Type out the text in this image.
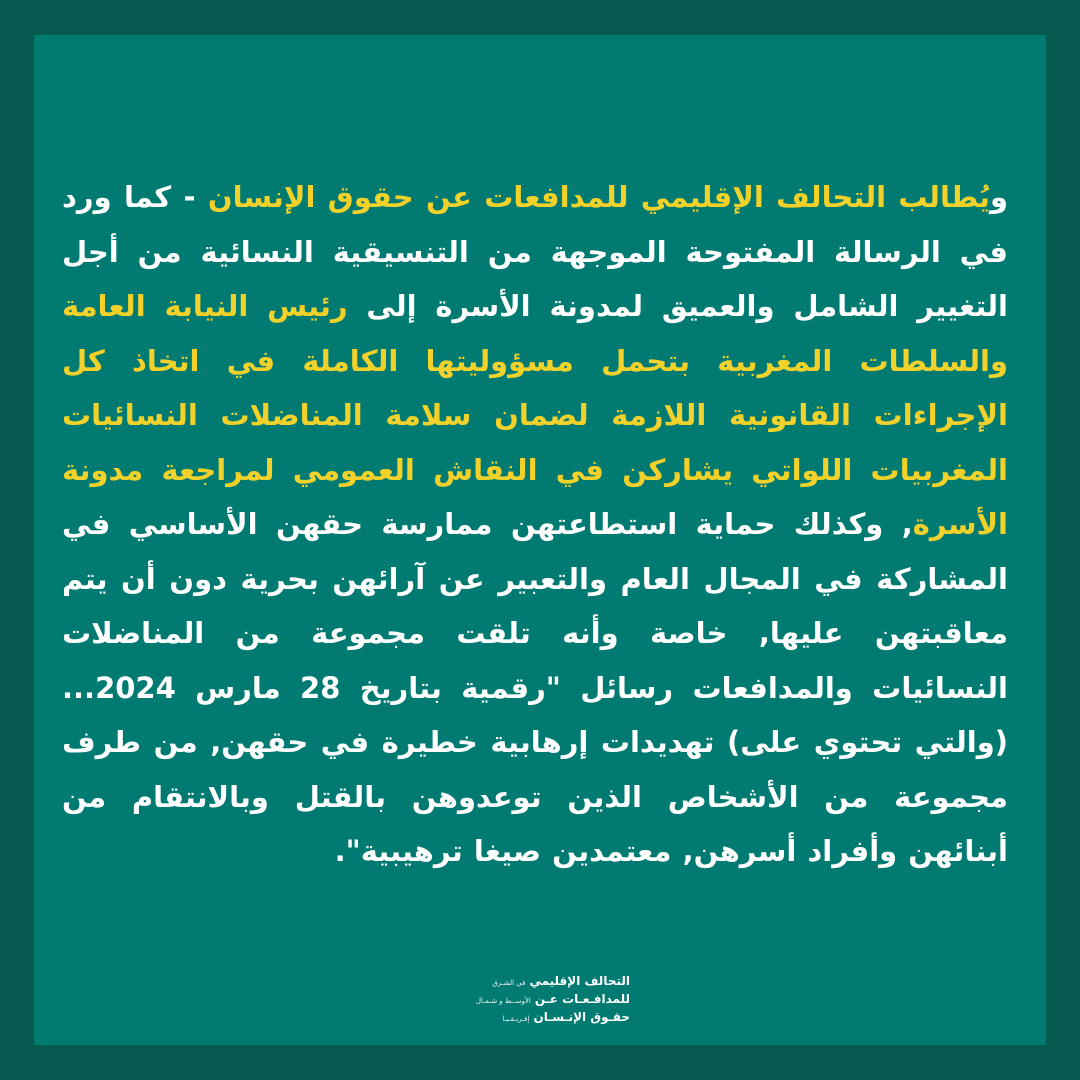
ويُطالب التحالف الإقليمي للمدافعات عن حقوق الإنسان - كما ورد في الرسالة المفتوحة الموجهة من التنسيقية النسائية من أجل التغيير الشامل والعميق لمدونة الأسرة إلى رئيس النيابة العامة والسلطات المغربية بتحمل مسؤوليتها الكاملة في اتخاذ كل الإجراءات القانونية اللازمة لضمان سلامة المناضلات النسائيات المغربيات اللواتي يشاركن في النقاش العمومي لمراجعة مدونة الأسرة, وكذلك حماية استطاعتهن ممارسة حقهن الأساسي في المشاركة في المجال العام والتعبير عن آرائهن بحرية دون أن يتم معاقبتهن عليها, خاصة وأنه تلقت مجموعة من المناضلات النسائيات والمدافعات رسائل "رقمية بتاريخ 28 مارس 2024... (والتي تحتوي على) تهديدات إرهابية خطيرة في حقهن, من طرف مجموعة من الأشخاص الذين توعدوهن بالقتل وبالانتقام من أبنائهن وأفراد أسرهن, معتمدين صيغا ترهيبية".
التحالف الإقليمي
في الشـرق
للمدافـعـات عـن
الأوســط و شـمـال
حقـوق الإنـسـان
إفـريـقـيـا
